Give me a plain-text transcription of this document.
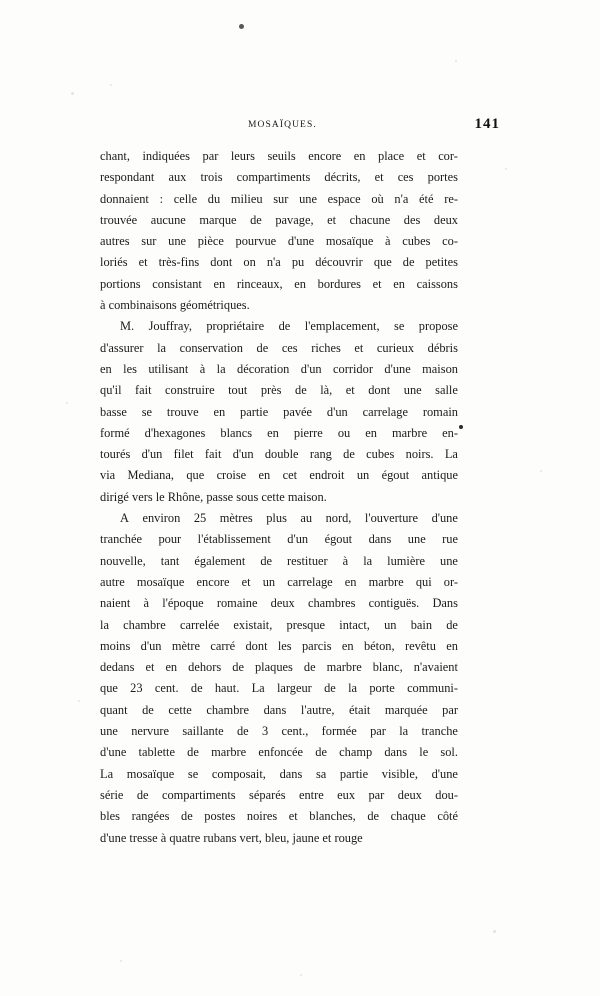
MOSAÏQUES.	141

chant, indiquées par leurs seuils encore en place et cor-
respondant aux trois compartiments décrits, et ces portes
donnaient : celle du milieu sur une espace où n'a été re-
trouvée aucune marque de pavage, et chacune des deux
autres sur une pièce pourvue d'une mosaïque à cubes co-
loriés et très-fins dont on n'a pu découvrir que de petites
portions consistant en rinceaux, en bordures et en caissons
à combinaisons géométriques.

M. Jouffray, propriétaire de l'emplacement, se propose
d'assurer la conservation de ces riches et curieux débris
en les utilisant à la décoration d'un corridor d'une maison
qu'il fait construire tout près de là, et dont une salle
basse se trouve en partie pavée d'un carrelage romain
formé d'hexagones blancs en pierre ou en marbre en-
tourés d'un filet fait d'un double rang de cubes noirs. La
via Mediana, que croise en cet endroit un égout antique
dirigé vers le Rhône, passe sous cette maison.

A environ 25 mètres plus au nord, l'ouverture d'une
tranchée pour l'établissement d'un égout dans une rue
nouvelle, tant également de restituer à la lumière une
autre mosaïque encore et un carrelage en marbre qui or-
naient à l'époque romaine deux chambres contiguës. Dans
la chambre carrelée existait, presque intact, un bain de
moins d'un mètre carré dont les parcis en béton, revêtu en
dedans et en dehors de plaques de marbre blanc, n'avaient
que 23 cent. de haut. La largeur de la porte communi-
quant de cette chambre dans l'autre, était marquée par
une nervure saillante de 3 cent., formée par la tranche
d'une tablette de marbre enfoncée de champ dans le sol.
La mosaïque se composait, dans sa partie visible, d'une
série de compartiments séparés entre eux par deux dou-
bles rangées de postes noires et blanches, de chaque côté
d'une tresse à quatre rubans vert, bleu, jaune et rouge
